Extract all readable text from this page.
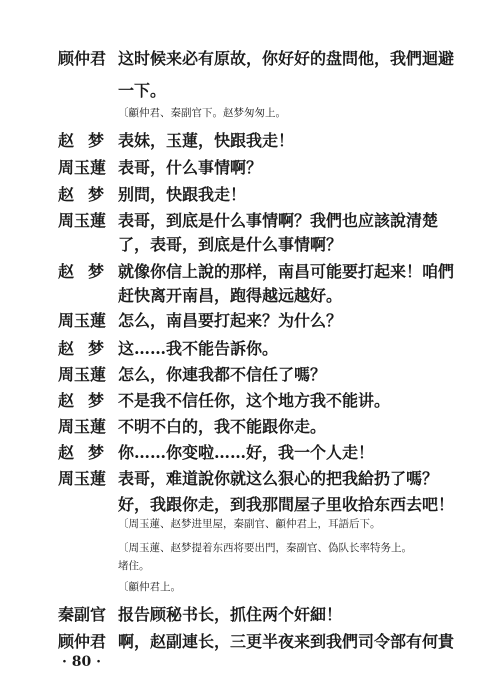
顾仲君 这时候来必有原故，你好好的盘問他，我們迴避
一下。
〔顧仲君、秦副官下。赵梦匆匆上。
赵梦 表妹，玉蓮，快跟我走！
周玉蓮 表哥，什么事情啊？
赵梦 别問，快跟我走！
周玉蓮 表哥，到底是什么事情啊？我們也应該說清楚
了，表哥，到底是什么事情啊？
赵梦 就像你信上說的那样，南昌可能要打起来！咱們
赶快离开南昌，跑得越远越好。
周玉蓮 怎么，南昌要打起来？为什么？
赵梦 这……我不能告訴你。
周玉蓮 怎么，你連我都不信任了嗎？
赵梦 不是我不信任你，这个地方我不能讲。
周玉蓮 不明不白的，我不能跟你走。
赵梦 你……你变啦……好，我一个人走！
周玉蓮 表哥，难道說你就这么狠心的把我給扔了嗎？
好，我跟你走，到我那間屋子里收拾东西去吧！
〔周玉蓮、赵梦进里屋，秦副官、顧仲君上，耳語后下。
〔周玉蓮、赵梦提着东西将要出門，秦副官、偽队长率特务上。
堵住。
〔顧仲君上。
秦副官 报告顾秘书长，抓住两个奸細！
顾仲君 啊，赵副連长，三更半夜来到我們司令部有何貴
· 80 ·
